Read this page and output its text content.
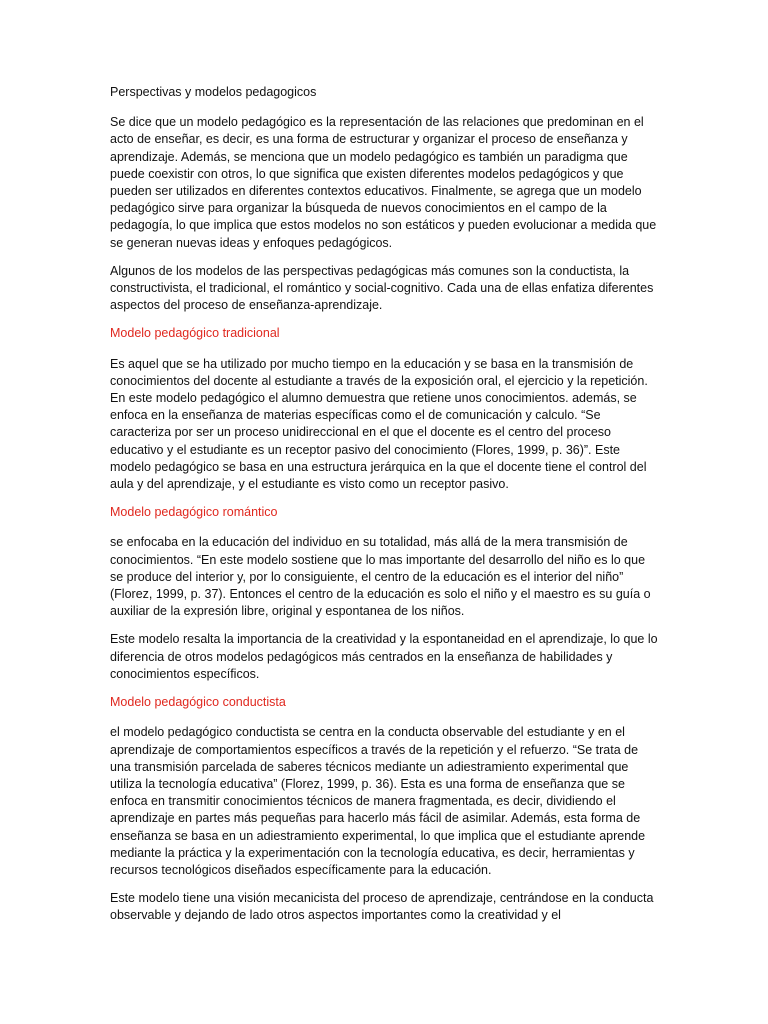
Perspectivas y modelos pedagogicos

Se dice que un modelo pedagógico es la representación de las relaciones que predominan en el acto de enseñar, es decir, es una forma de estructurar y organizar el proceso de enseñanza y aprendizaje. Además, se menciona que un modelo pedagógico es también un paradigma que puede coexistir con otros, lo que significa que existen diferentes modelos pedagógicos y que pueden ser utilizados en diferentes contextos educativos. Finalmente, se agrega que un modelo pedagógico sirve para organizar la búsqueda de nuevos conocimientos en el campo de la pedagogía, lo que implica que estos modelos no son estáticos y pueden evolucionar a medida que se generan nuevas ideas y enfoques pedagógicos.

Algunos de los modelos de las perspectivas pedagógicas más comunes son la conductista, la constructivista, el tradicional, el romántico y social-cognitivo. Cada una de ellas enfatiza diferentes aspectos del proceso de enseñanza-aprendizaje.

Modelo pedagógico tradicional

Es aquel que se ha utilizado por mucho tiempo en la educación y se basa en la transmisión de conocimientos del docente al estudiante a través de la exposición oral, el ejercicio y la repetición. En este modelo pedagógico el alumno demuestra que retiene unos conocimientos. además, se enfoca en la enseñanza de materias específicas como el de comunicación y calculo. “Se caracteriza por ser un proceso unidireccional en el que el docente es el centro del proceso educativo y el estudiante es un receptor pasivo del conocimiento (Flores, 1999, p. 36)”. Este modelo pedagógico se basa en una estructura jerárquica en la que el docente tiene el control del aula y del aprendizaje, y el estudiante es visto como un receptor pasivo.

Modelo pedagógico romántico

se enfocaba en la educación del individuo en su totalidad, más allá de la mera transmisión de conocimientos. “En este modelo sostiene que lo mas importante del desarrollo del niño es lo que se produce del interior y, por lo consiguiente, el centro de la educación es el interior del niño” (Florez, 1999, p. 37). Entonces el centro de la educación es solo el niño y el maestro es su guía o auxiliar de la expresión libre, original y espontanea de los niños.

Este modelo resalta la importancia de la creatividad y la espontaneidad en el aprendizaje, lo que lo diferencia de otros modelos pedagógicos más centrados en la enseñanza de habilidades y conocimientos específicos.

Modelo pedagógico conductista

el modelo pedagógico conductista se centra en la conducta observable del estudiante y en el aprendizaje de comportamientos específicos a través de la repetición y el refuerzo. “Se trata de una transmisión parcelada de saberes técnicos mediante un adiestramiento experimental que utiliza la tecnología educativa” (Florez, 1999, p. 36). Esta es una forma de enseñanza que se enfoca en transmitir conocimientos técnicos de manera fragmentada, es decir, dividiendo el aprendizaje en partes más pequeñas para hacerlo más fácil de asimilar. Además, esta forma de enseñanza se basa en un adiestramiento experimental, lo que implica que el estudiante aprende mediante la práctica y la experimentación con la tecnología educativa, es decir, herramientas y recursos tecnológicos diseñados específicamente para la educación.

Este modelo tiene una visión mecanicista del proceso de aprendizaje, centrándose en la conducta observable y dejando de lado otros aspectos importantes como la creatividad y el
